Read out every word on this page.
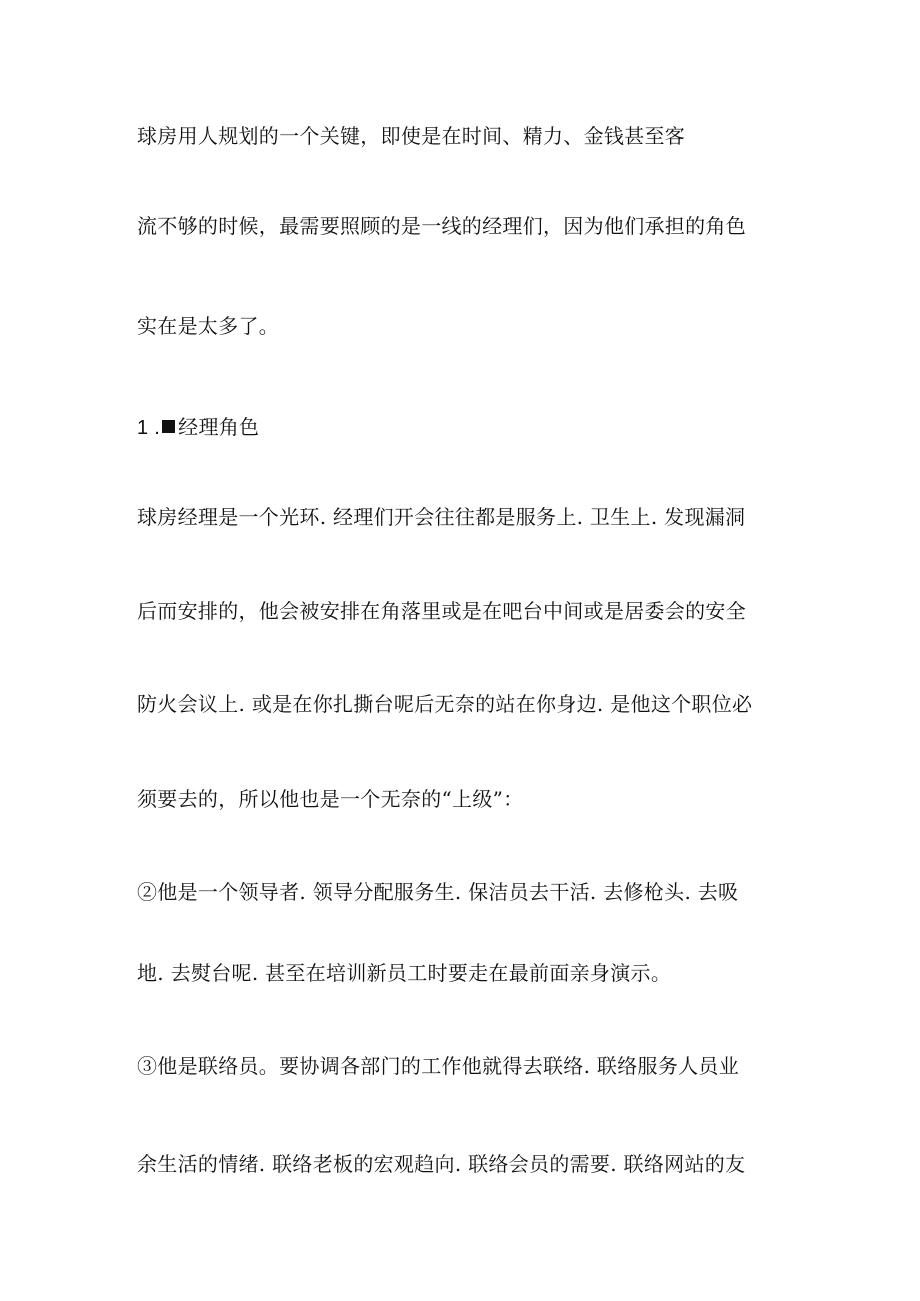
球房用人规划的一个关键，即使是在时间、精力、金钱甚至客
流不够的时候，最需要照顾的是一线的经理们，因为他们承担的角色
实在是太多了。
1 . 经理角色
球房经理是一个光环. 经理们开会往往都是服务上. 卫生上. 发现漏洞
后而安排的，他会被安排在角落里或是在吧台中间或是居委会的安全
防火会议上. 或是在你扎撕台呢后无奈的站在你身边. 是他这个职位必
须要去的，所以他也是一个无奈的“上级”：
②他是一个领导者. 领导分配服务生. 保洁员去干活. 去修枪头. 去吸
地. 去熨台呢. 甚至在培训新员工时要走在最前面亲身演示。
③他是联络员。要协调各部门的工作他就得去联络. 联络服务人员业
余生活的情绪. 联络老板的宏观趋向. 联络会员的需要. 联络网站的友
